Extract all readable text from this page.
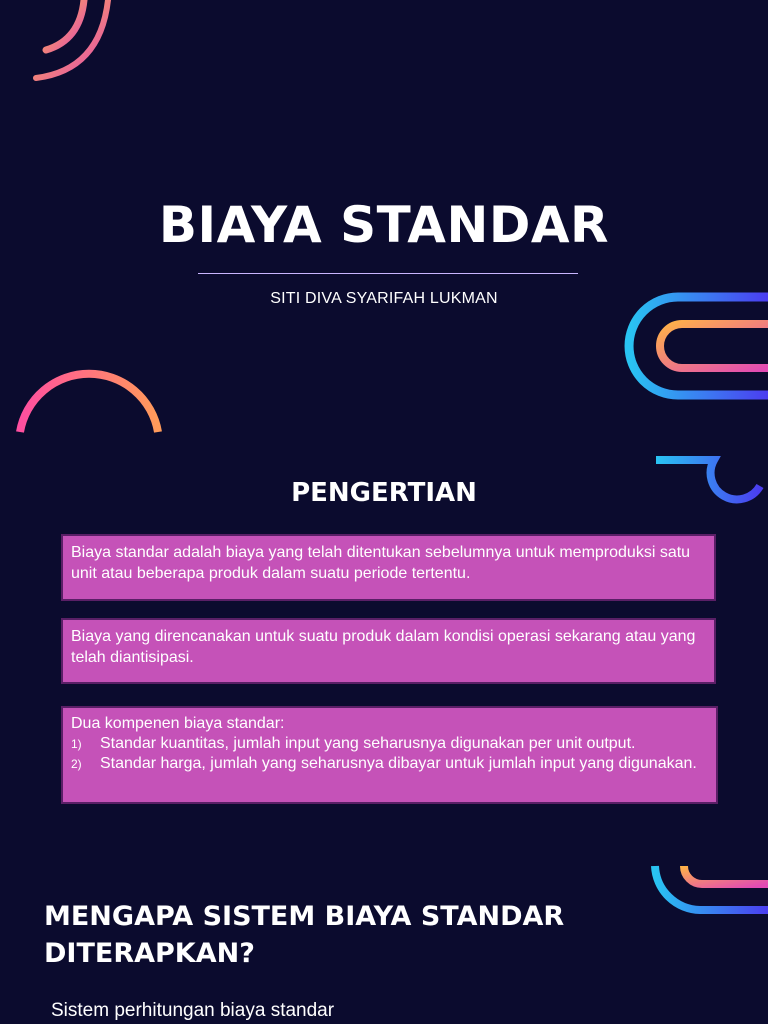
BIAYA STANDAR
SITI DIVA SYARIFAH LUKMAN
PENGERTIAN
Biaya standar adalah biaya yang telah ditentukan sebelumnya untuk memproduksi satu unit atau beberapa produk dalam suatu periode tertentu.
Biaya yang direncanakan untuk suatu produk dalam kondisi operasi sekarang atau yang telah diantisipasi.
Dua kompenen biaya standar:
1) Standar kuantitas, jumlah input yang seharusnya digunakan per unit output.
2) Standar harga, jumlah yang seharusnya dibayar untuk jumlah input yang digunakan.
MENGAPA SISTEM BIAYA STANDAR DITERAPKAN?
Sistem perhitungan biaya standar
